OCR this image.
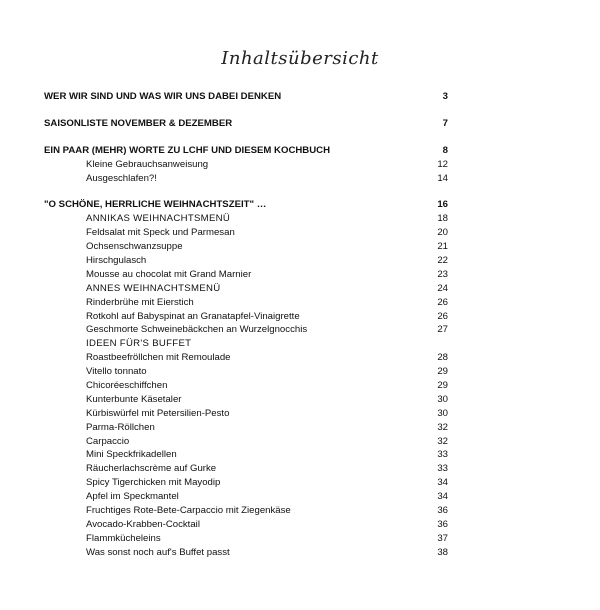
Inhaltsübersicht
WER WIR SIND UND WAS WIR UNS DABEI DENKEN	3
SAISONLISTE NOVEMBER & DEZEMBER	7
EIN PAAR (MEHR) WORTE ZU LCHF UND DIESEM KOCHBUCH	8
Kleine Gebrauchsanweisung	12
Ausgeschlafen?!	14
"O SCHÖNE, HERRLICHE WEIHNACHTSZEIT" …	16
ANNIKAS WEIHNACHTSMENÜ	18
Feldsalat mit Speck und Parmesan	20
Ochsenschwanzsuppe	21
Hirschgulasch	22
Mousse au chocolat mit Grand Marnier	23
ANNES WEIHNACHTSMENÜ	24
Rinderbrühe mit Eierstich	26
Rotkohl auf Babyspinat an Granatapfel-Vinaigrette	26
Geschmorte Schweinebäckchen an Wurzelgnocchis	27
IDEEN FÜR'S BUFFET
Roastbeefröllchen mit Remoulade	28
Vitello tonnato	29
Chicoréeschiffchen	29
Kunterbunte Käsetaler	30
Kürbiswürfel mit Petersilien-Pesto	30
Parma-Röllchen	32
Carpaccio	32
Mini Speckfrikadellen	33
Räucherlachscrème auf Gurke	33
Spicy Tigerchicken mit Mayodip	34
Apfel im Speckmantel	34
Fruchtiges Rote-Bete-Carpaccio mit Ziegenkäse	36
Avocado-Krabben-Cocktail	36
Flammkücheleins	37
Was sonst noch auf's Buffet passt	38
